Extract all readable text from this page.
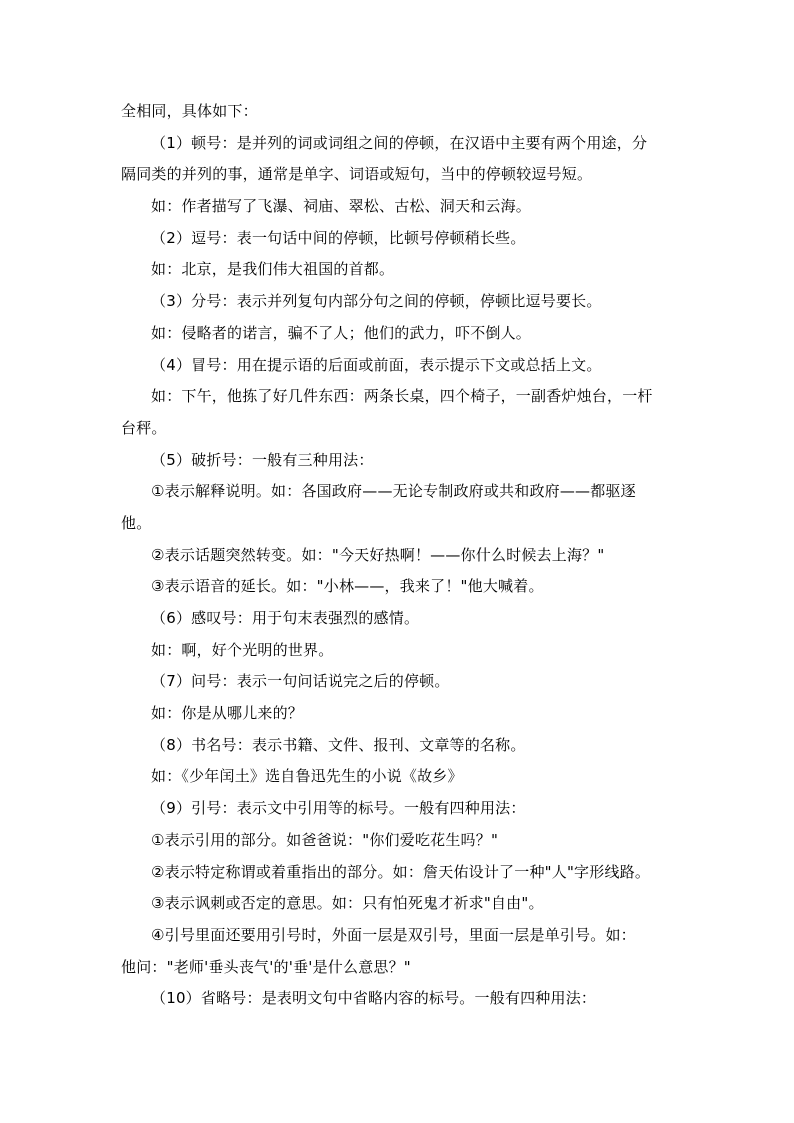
全相同，具体如下：
（1）顿号：是并列的词或词组之间的停顿，在汉语中主要有两个用途，分
隔同类的并列的事，通常是单字、词语或短句，当中的停顿较逗号短。
如：作者描写了飞瀑、祠庙、翠松、古松、洞天和云海。
（2）逗号：表一句话中间的停顿，比顿号停顿稍长些。
如：北京，是我们伟大祖国的首都。
（3）分号：表示并列复句内部分句之间的停顿，停顿比逗号要长。
如：侵略者的诺言，骗不了人；他们的武力，吓不倒人。
（4）冒号：用在提示语的后面或前面，表示提示下文或总括上文。
如：下午，他拣了好几件东西：两条长桌，四个椅子，一副香炉烛台，一杆
台秤。
（5）破折号：一般有三种用法：
①表示解释说明。如：各国政府——无论专制政府或共和政府——都驱逐
他。
②表示话题突然转变。如："今天好热啊！——你什么时候去上海？"
③表示语音的延长。如："小林——，我来了！"他大喊着。
（6）感叹号：用于句末表强烈的感情。
如：啊，好个光明的世界。
（7）问号：表示一句问话说完之后的停顿。
如：你是从哪儿来的？
（8）书名号：表示书籍、文件、报刊、文章等的名称。
如：《少年闰土》选自鲁迅先生的小说《故乡》
（9）引号：表示文中引用等的标号。一般有四种用法：
①表示引用的部分。如爸爸说："你们爱吃花生吗？"
②表示特定称谓或着重指出的部分。如：詹天佑设计了一种"人"字形线路。
③表示讽刺或否定的意思。如：只有怕死鬼才祈求"自由"。
④引号里面还要用引号时，外面一层是双引号，里面一层是单引号。如：
他问："老师'垂头丧气'的'垂'是什么意思？"
（10）省略号：是表明文句中省略内容的标号。一般有四种用法：
